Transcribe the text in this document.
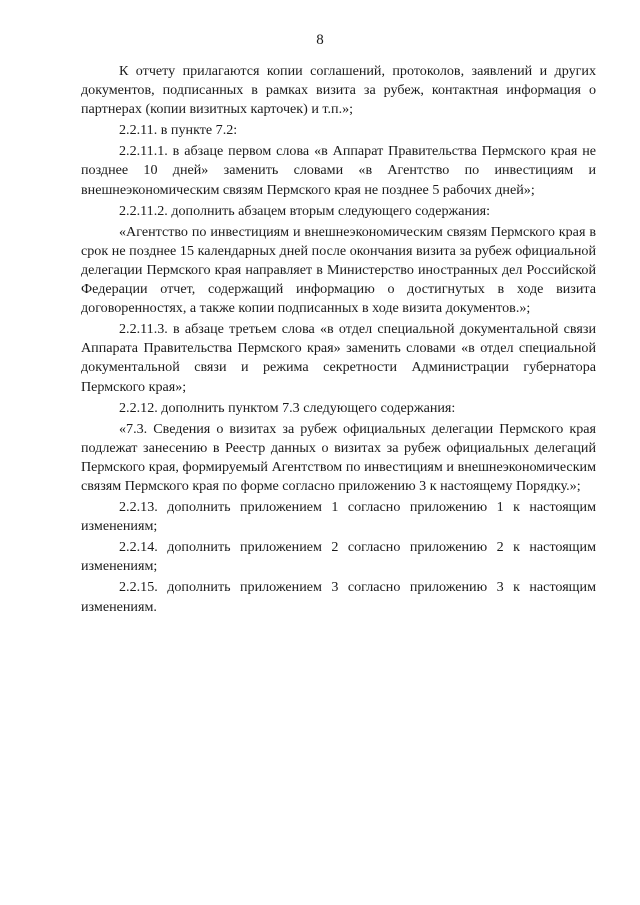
8

К отчету прилагаются копии соглашений, протоколов, заявлений и других документов, подписанных в рамках визита за рубеж, контактная информация о партнерах (копии визитных карточек) и т.п.»;

2.2.11. в пункте 7.2:

2.2.11.1. в абзаце первом слова «в Аппарат Правительства Пермского края не позднее 10 дней» заменить словами «в Агентство по инвестициям и внешнеэкономическим связям Пермского края не позднее 5 рабочих дней»;

2.2.11.2. дополнить абзацем вторым следующего содержания:

«Агентство по инвестициям и внешнеэкономическим связям Пермского края в срок не позднее 15 календарных дней после окончания визита за рубеж официальной делегации Пермского края направляет в Министерство иностранных дел Российской Федерации отчет, содержащий информацию о достигнутых в ходе визита договоренностях, а также копии подписанных в ходе визита документов.»;

2.2.11.3. в абзаце третьем слова «в отдел специальной документальной связи Аппарата Правительства Пермского края» заменить словами «в отдел специальной документальной связи и режима секретности Администрации губернатора Пермского края»;

2.2.12. дополнить пунктом 7.3 следующего содержания:

«7.3. Сведения о визитах за рубеж официальных делегации Пермского края подлежат занесению в Реестр данных о визитах за рубеж официальных делегаций Пермского края, формируемый Агентством по инвестициям и внешнеэкономическим связям Пермского края по форме согласно приложению 3 к настоящему Порядку.»;

2.2.13. дополнить приложением 1 согласно приложению 1 к настоящим изменениям;

2.2.14. дополнить приложением 2 согласно приложению 2 к настоящим изменениям;

2.2.15. дополнить приложением 3 согласно приложению 3 к настоящим изменениям.
